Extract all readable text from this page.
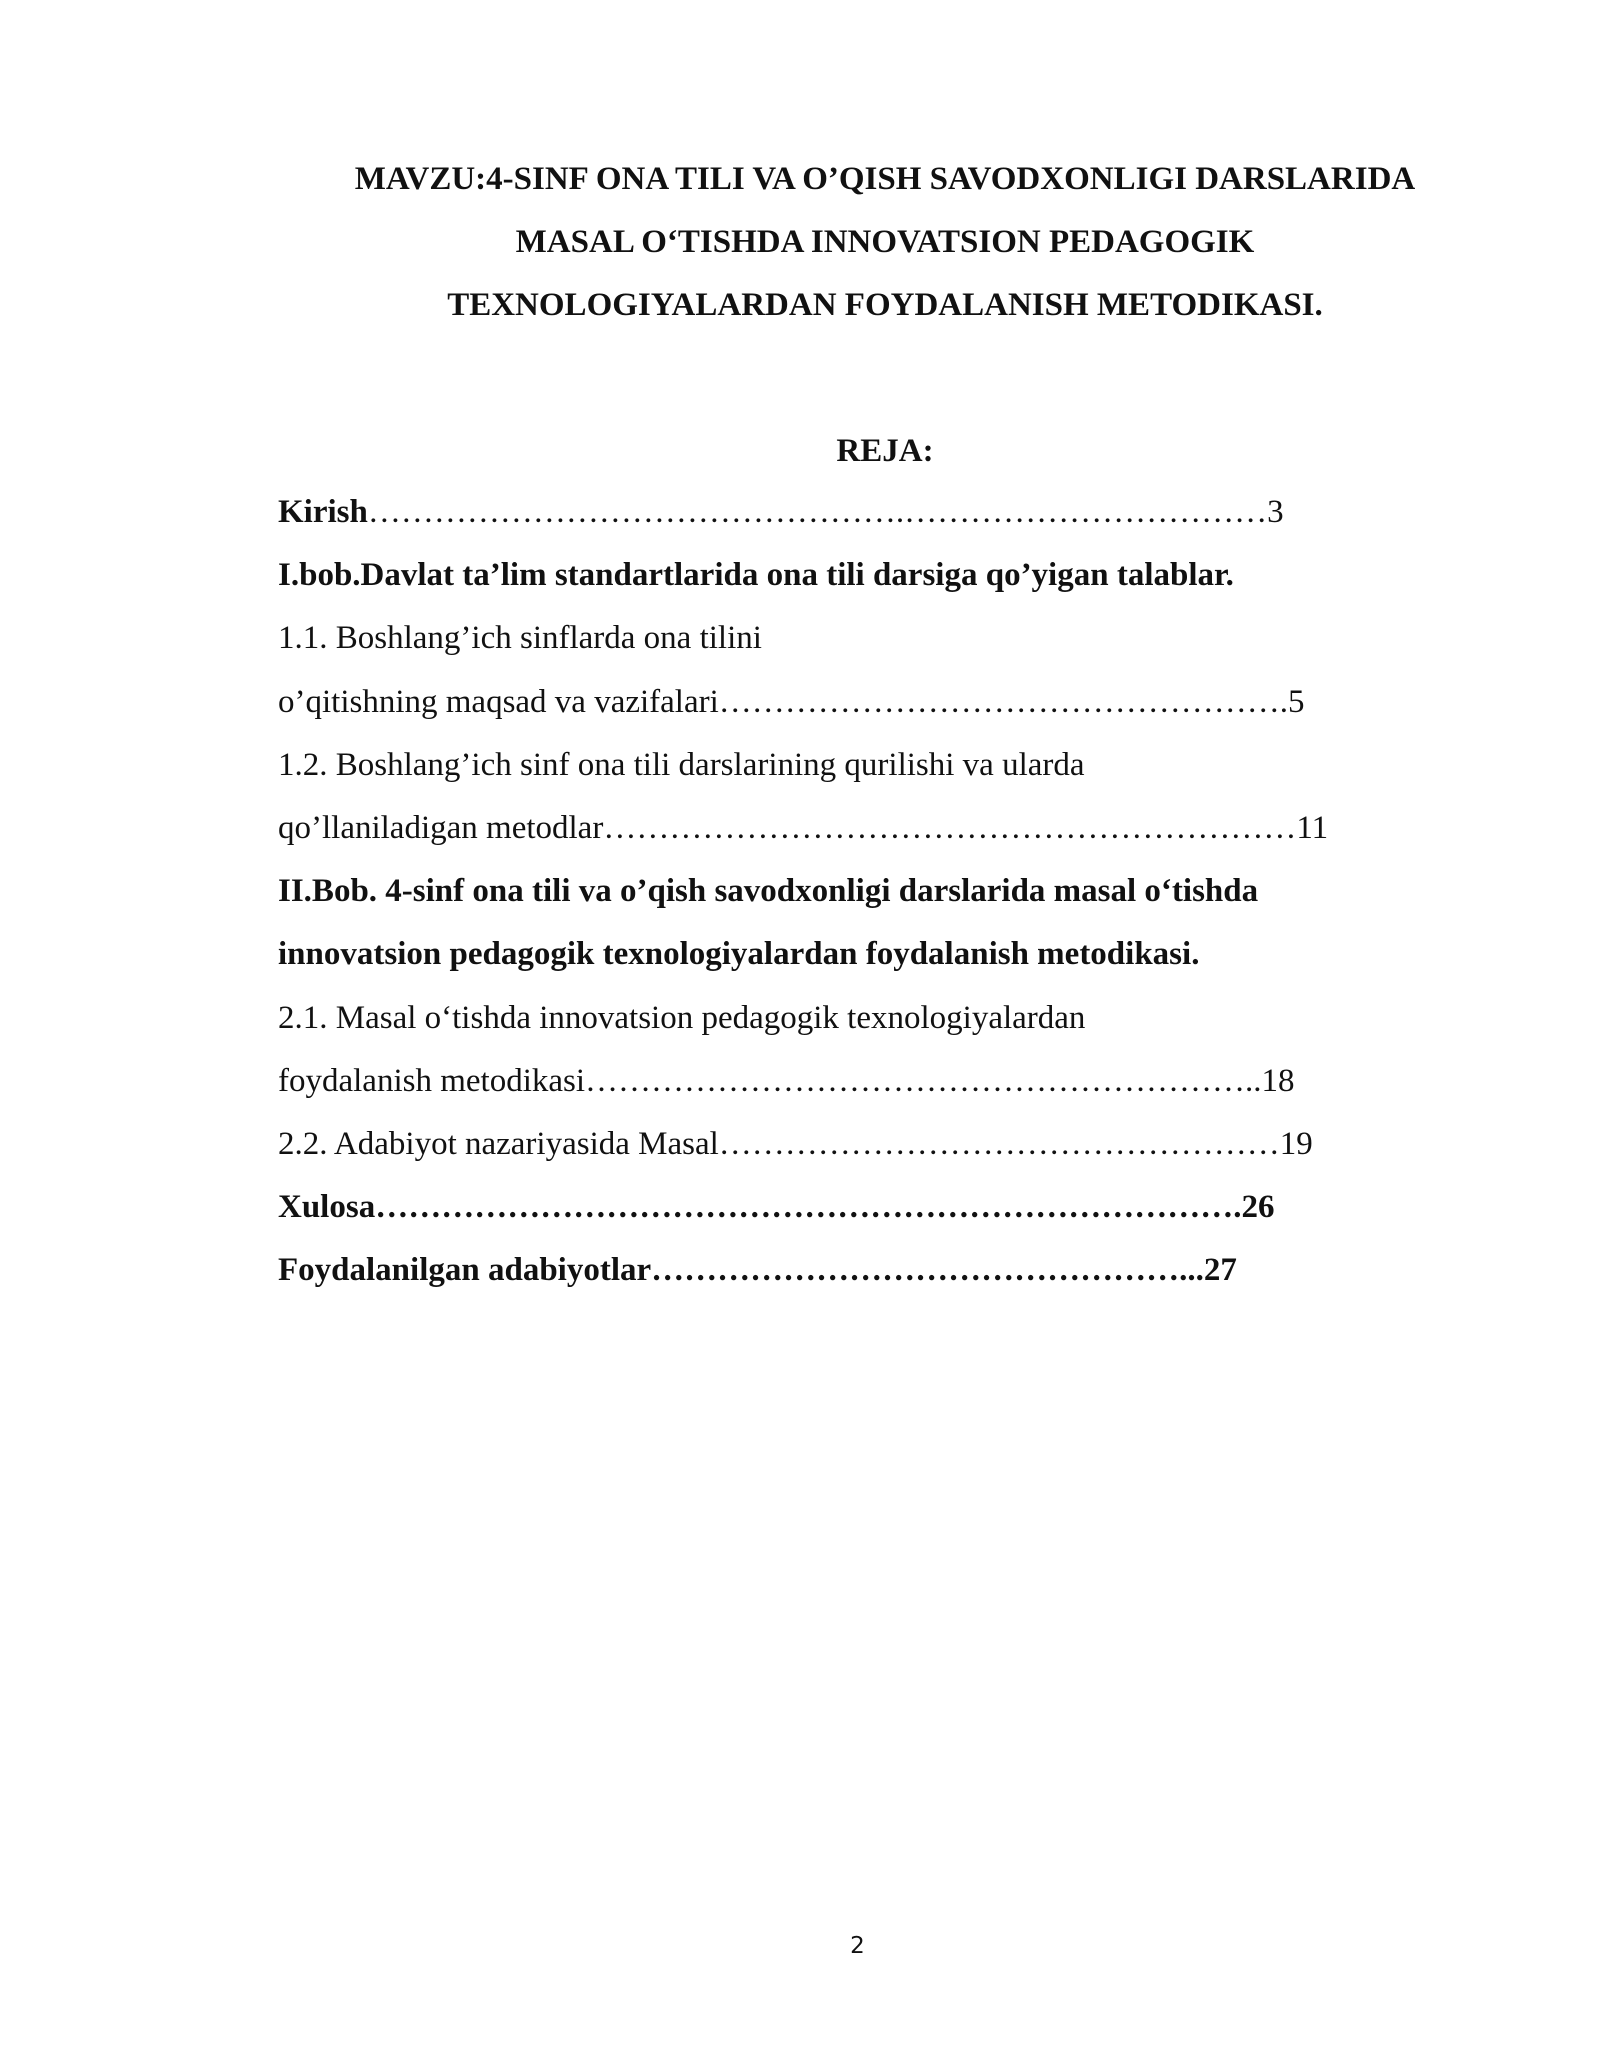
MAVZU:4-SINF ONA TILI VA O’QISH SAVODXONLIGI DARSLARIDA
MASAL O‘TISHDA INNOVATSION PEDAGOGIK
TEXNOLOGIYALARDAN FOYDALANISH METODIKASI.
REJA:
Kirish………………………………………….……………………………3
I.bob.Davlat ta’lim standartlarida ona tili darsiga qo’yigan talablar.
1.1. Boshlang’ich sinflarda ona tilini
o’qitishning maqsad va vazifalari…………………………………………….5
1.2. Boshlang’ich sinf ona tili darslarining qurilishi va ularda
qo’llaniladigan metodlar………………………………………………………11
II.Bob. 4-sinf ona tili va o’qish savodxonligi darslarida masal o‘tishda
innovatsion pedagogik texnologiyalardan foydalanish metodikasi.
2.1. Masal o‘tishda innovatsion pedagogik texnologiyalardan
foydalanish metodikasi……………………………………………………..18
2.2. Adabiyot nazariyasida Masal……………………………………………19
Xulosa…………………………………………………………………….26
Foydalanilgan adabiyotlar…………………………………………...27
2
